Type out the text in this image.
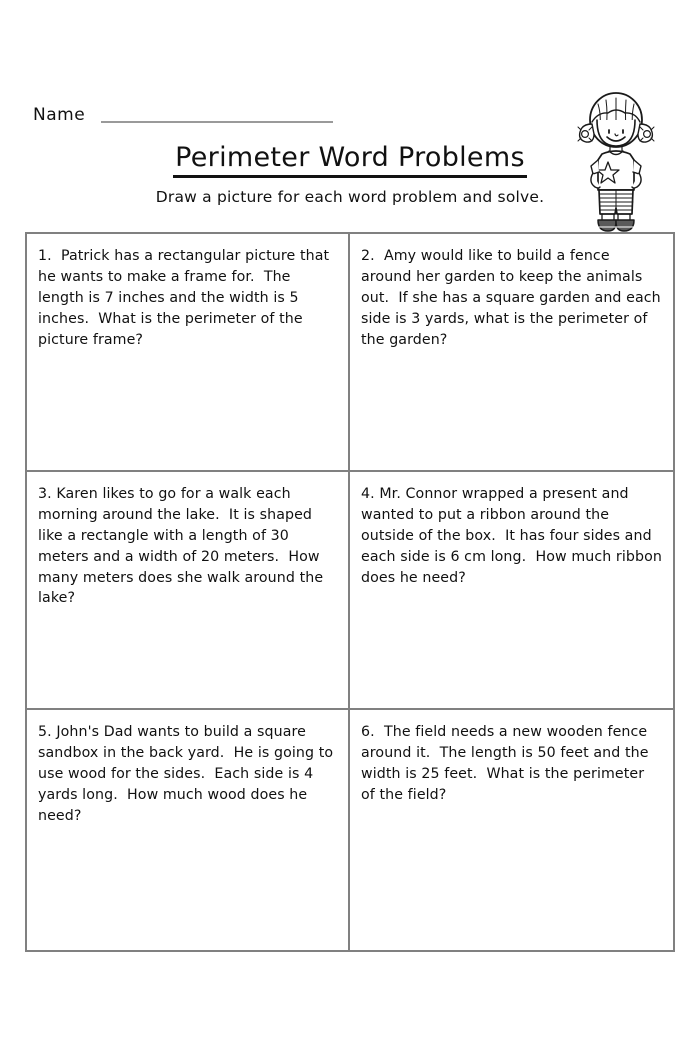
Name
Perimeter Word Problems

Draw a picture for each word problem and solve.

1.  Patrick has a rectangular picture that he wants to make a frame for.  The length is 7 inches and the width is 5 inches.  What is the perimeter of the picture frame?

2.  Amy would like to build a fence around her garden to keep the animals out.  If she has a square garden and each side is 3 yards, what is the perimeter of the garden?

3. Karen likes to go for a walk each morning around the lake.  It is shaped like a rectangle with a length of 30 meters and a width of 20 meters.  How many meters does she walk around the lake?

4. Mr. Connor wrapped a present and wanted to put a ribbon around the outside of the box.  It has four sides and each side is 6 cm long.  How much ribbon does he need?

5. John's Dad wants to build a square sandbox in the back yard.  He is going to use wood for the sides.  Each side is 4 yards long.  How much wood does he need?

6.  The field needs a new wooden fence around it.  The length is 50 feet and the width is 25 feet.  What is the perimeter of the field?
